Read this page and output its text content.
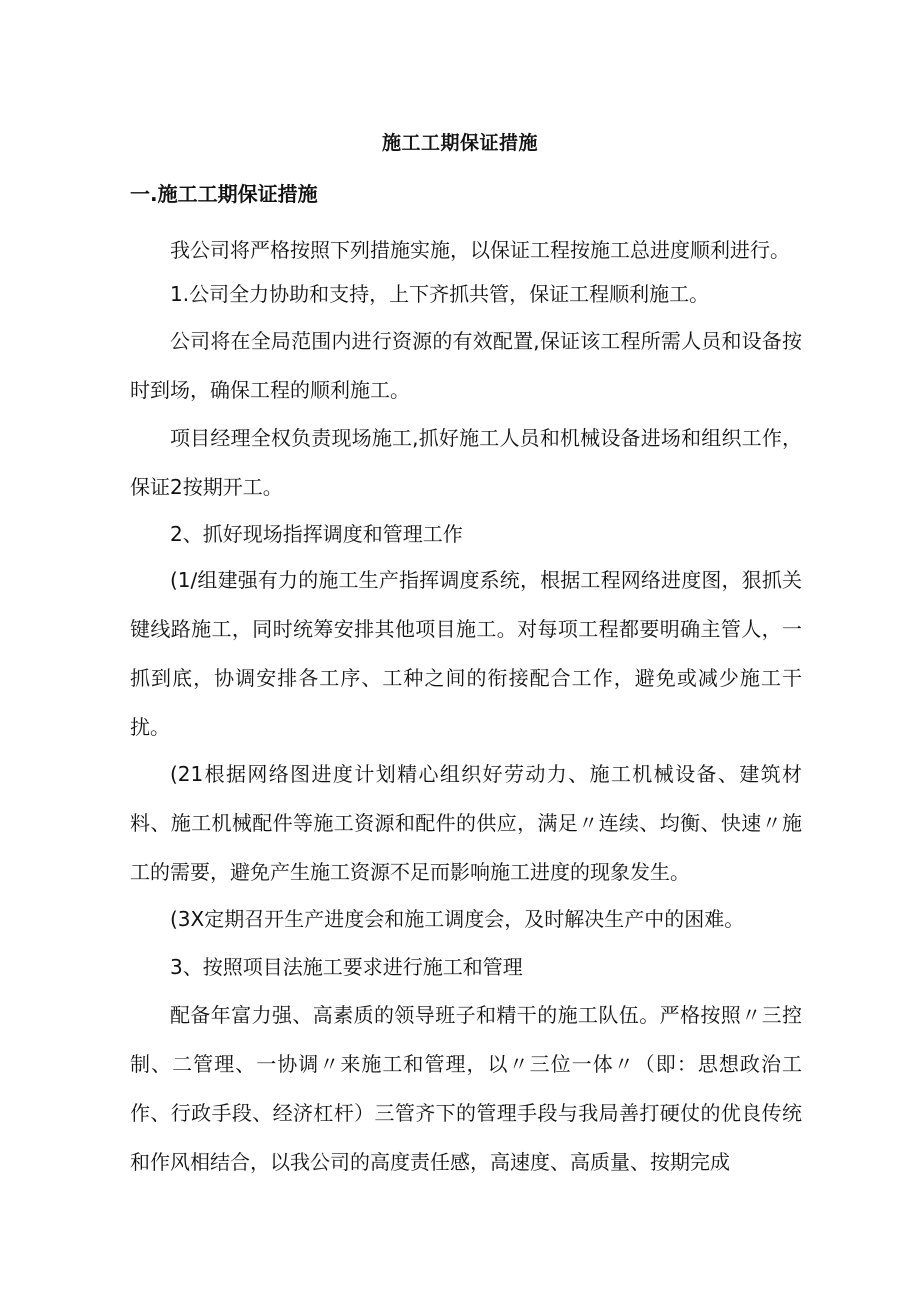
施工工期保证措施
一.施工工期保证措施

我公司将严格按照下列措施实施，以保证工程按施工总进度顺利进行。

1.公司全力协助和支持，上下齐抓共管，保证工程顺利施工。

公司将在全局范围内进行资源的有效配置,保证该工程所需人员和设备按时到场，确保工程的顺利施工。

项目经理全权负责现场施工,抓好施工人员和机械设备进场和组织工作，保证2按期开工。

2、抓好现场指挥调度和管理工作

(1∕组建强有力的施工生产指挥调度系统，根据工程网络进度图，狠抓关键线路施工，同时统筹安排其他项目施工。对每项工程都要明确主管人，一抓到底，协调安排各工序、工种之间的衔接配合工作，避免或减少施工干扰。

(21根据网络图进度计划精心组织好劳动力、施工机械设备、建筑材料、施工机械配件等施工资源和配件的供应，满足〃连续、均衡、快速〃施工的需要，避免产生施工资源不足而影响施工进度的现象发生。

(3X定期召开生产进度会和施工调度会，及时解决生产中的困难。

3、按照项目法施工要求进行施工和管理

配备年富力强、高素质的领导班子和精干的施工队伍。严格按照〃三控制、二管理、一协调〃来施工和管理，以〃三位一体〃（即：思想政治工作、行政手段、经济杠杆）三管齐下的管理手段与我局善打硬仗的优良传统和作风相结合，以我公司的高度责任感，高速度、高质量、按期完成
